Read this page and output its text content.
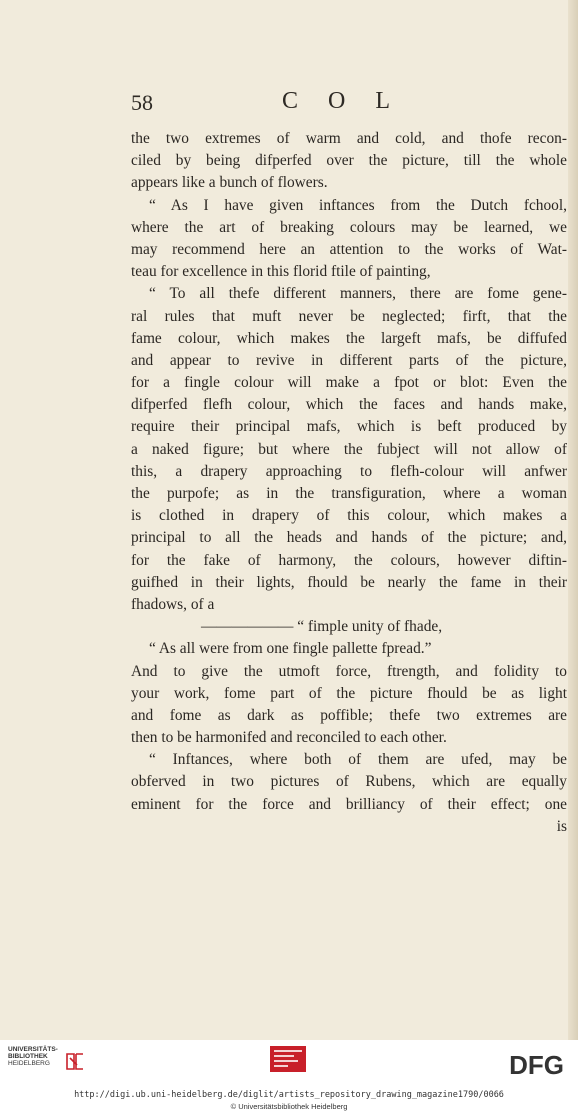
58	C O L
the two extremes of warm and cold, and thofe recon-
ciled by being difperfed over the picture, till the whole
appears like a bunch of flowers.
“ As I have given inftances from the Dutch fchool,
where the art of breaking colours may be learned, we
may recommend here an attention to the works of Wat-
teau for excellence in this florid ftile of painting,
“ To all thefe different manners, there are fome gene-
ral rules that muft never be neglected; firft, that the
fame colour, which makes the largeft mafs, be diffufed
and appear to revive in different parts of the picture,
for a fingle colour will make a fpot or blot: Even the
difperfed flefh colour, which the faces and hands make,
require their principal mafs, which is beft produced by
a naked figure; but where the fubject will not allow of
this, a drapery approaching to flefh-colour will anfwer
the purpofe; as in the transfiguration, where a woman
is clothed in drapery of this colour, which makes a
principal to all the heads and hands of the picture; and,
for the fake of harmony, the colours, however diftin-
guifhed in their lights, fhould be nearly the fame in their
fhadows, of a
—————— “ fimple unity of fhade,
“ As all were from one fingle pallette fpread.”
And to give the utmoft force, ftrength, and folidity to
your work, fome part of the picture fhould be as light
and fome as dark as poffible; thefe two extremes are
then to be harmonifed and reconciled to each other.
“ Inftances, where both of them are ufed, may be
obferved in two pictures of Rubens, which are equally
eminent for the force and brilliancy of their effect; one
is
UNIVERSITÄTS-
BIBLIOTHEK
HEIDELBERG	DFG
http://digi.ub.uni-heidelberg.de/diglit/artists_repository_drawing_magazine1790/0066
© Universitätsbibliothek Heidelberg
